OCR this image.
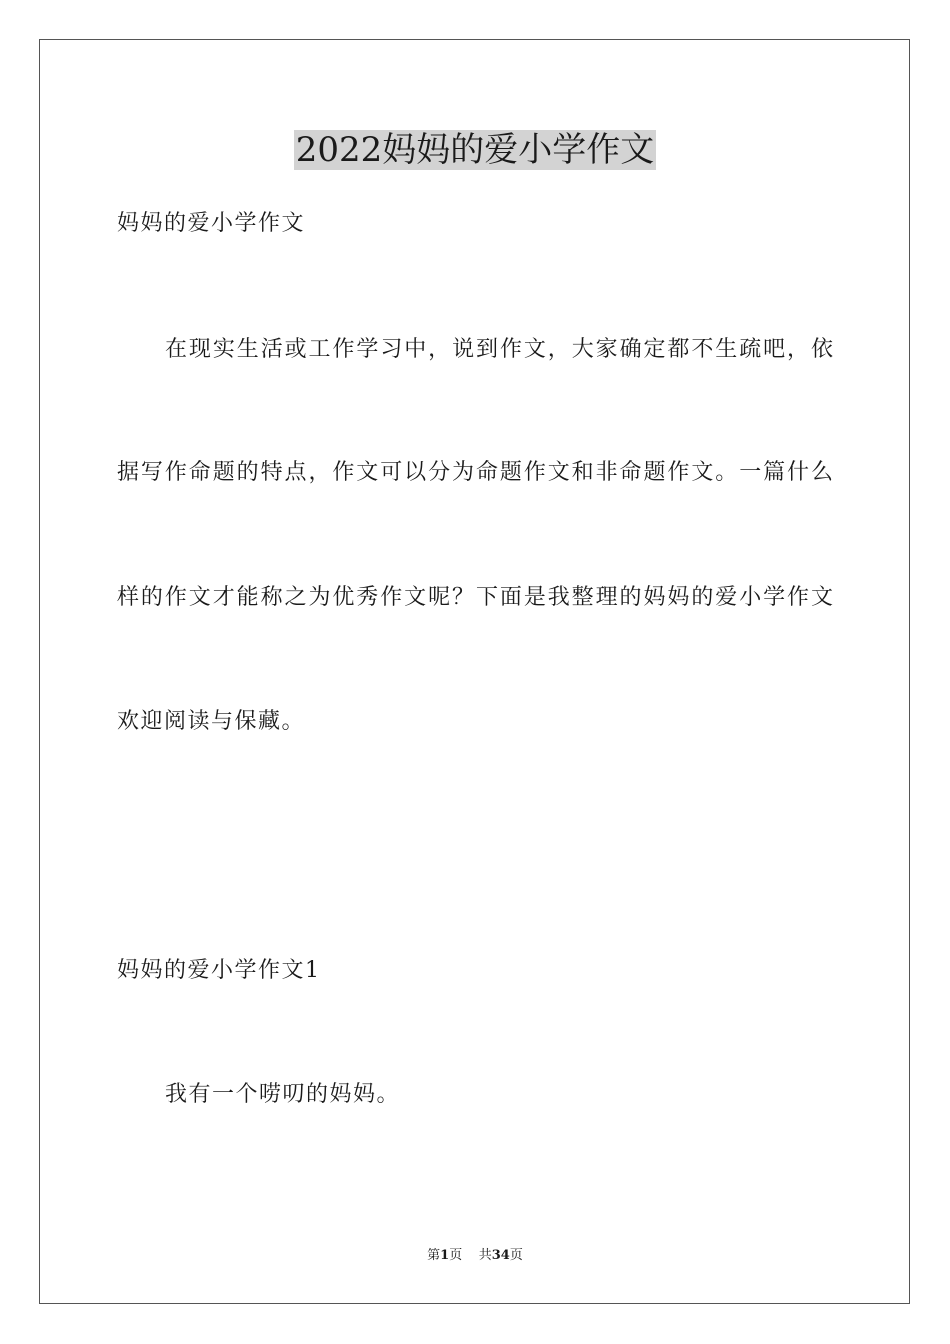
2022妈妈的爱小学作文

妈妈的爱小学作文

在现实生活或工作学习中，说到作文，大家确定都不生疏吧，依

据写作命题的特点，作文可以分为命题作文和非命题作文。一篇什么

样的作文才能称之为优秀作文呢？下面是我整理的妈妈的爱小学作文

欢迎阅读与保藏。

妈妈的爱小学作文1

我有一个唠叨的妈妈。

第1页 共34页
